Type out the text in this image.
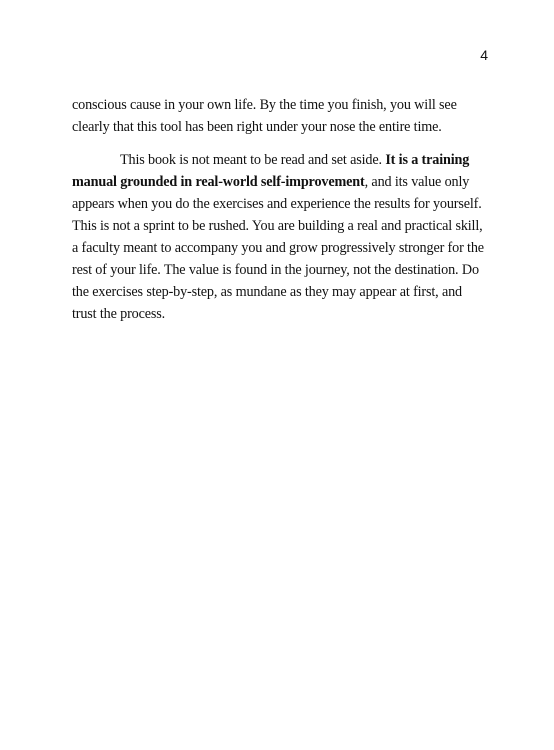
4

conscious cause in your own life. By the time you finish, you will see clearly that this tool has been right under your nose the entire time.

This book is not meant to be read and set aside. It is a training manual grounded in real-world self-improvement, and its value only appears when you do the exercises and experience the results for yourself. This is not a sprint to be rushed. You are building a real and practical skill, a faculty meant to accompany you and grow progressively stronger for the rest of your life. The value is found in the journey, not the destination. Do the exercises step-by-step, as mundane as they may appear at first, and trust the process.
